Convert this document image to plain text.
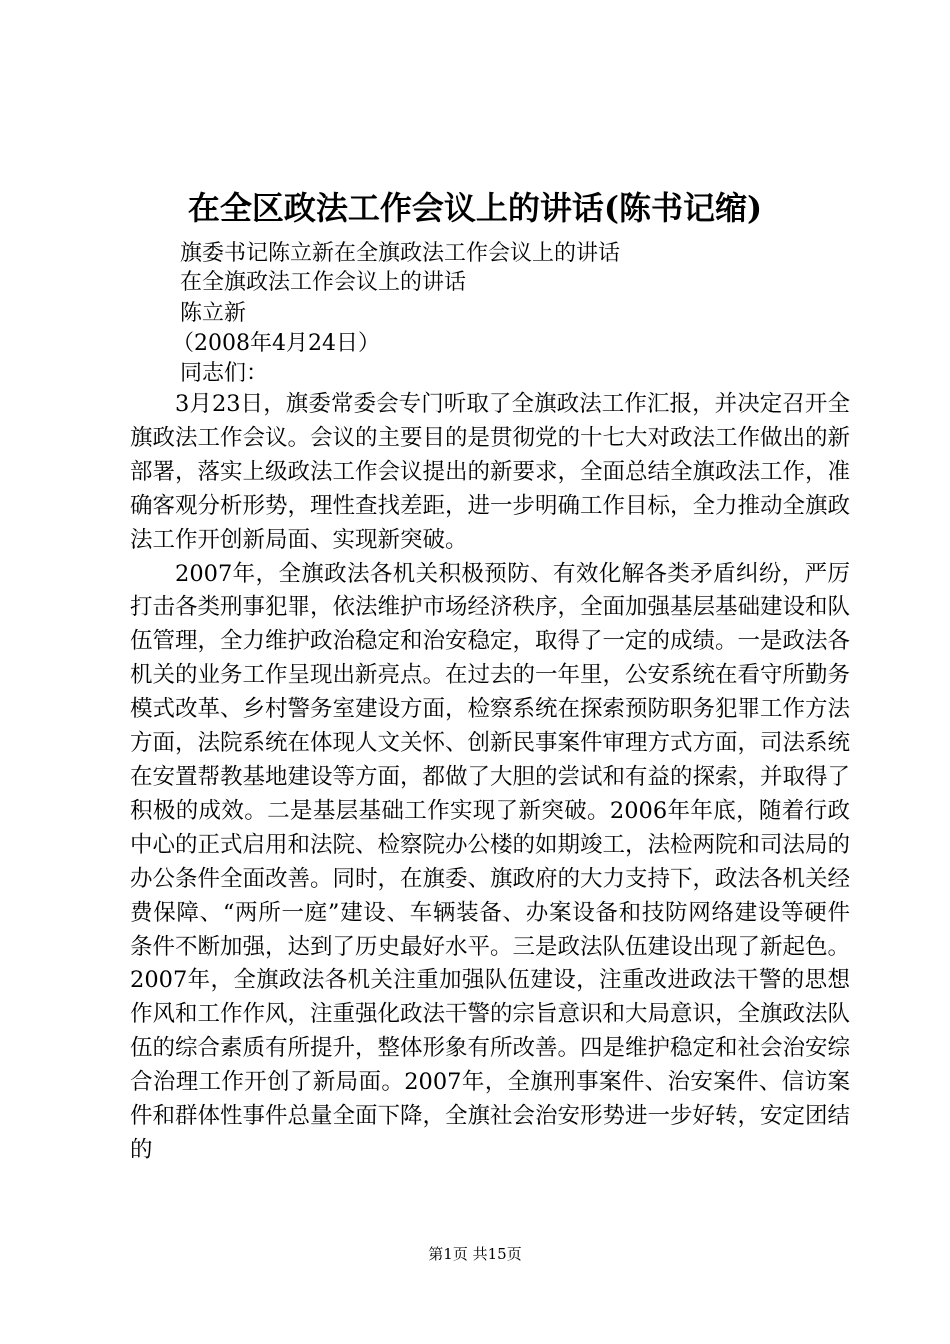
在全区政法工作会议上的讲话(陈书记缩)
旗委书记陈立新在全旗政法工作会议上的讲话
在全旗政法工作会议上的讲话
陈立新
（2008年4月24日）
同志们：

3月23日，旗委常委会专门听取了全旗政法工作汇报，并决定召开全旗政法工作会议。会议的主要目的是贯彻党的十七大对政法工作做出的新部署，落实上级政法工作会议提出的新要求，全面总结全旗政法工作，准确客观分析形势，理性查找差距，进一步明确工作目标，全力推动全旗政法工作开创新局面、实现新突破。

2007年，全旗政法各机关积极预防、有效化解各类矛盾纠纷，严厉打击各类刑事犯罪，依法维护市场经济秩序，全面加强基层基础建设和队伍管理，全力维护政治稳定和治安稳定，取得了一定的成绩。一是政法各机关的业务工作呈现出新亮点。在过去的一年里，公安系统在看守所勤务模式改革、乡村警务室建设方面，检察系统在探索预防职务犯罪工作方法方面，法院系统在体现人文关怀、创新民事案件审理方式方面，司法系统在安置帮教基地建设等方面，都做了大胆的尝试和有益的探索，并取得了积极的成效。二是基层基础工作实现了新突破。2006年年底，随着行政中心的正式启用和法院、检察院办公楼的如期竣工，法检两院和司法局的办公条件全面改善。同时，在旗委、旗政府的大力支持下，政法各机关经费保障、“两所一庭”建设、车辆装备、办案设备和技防网络建设等硬件条件不断加强，达到了历史最好水平。三是政法队伍建设出现了新起色。2007年，全旗政法各机关注重加强队伍建设，注重改进政法干警的思想作风和工作作风，注重强化政法干警的宗旨意识和大局意识，全旗政法队伍的综合素质有所提升，整体形象有所改善。四是维护稳定和社会治安综合治理工作开创了新局面。2007年，全旗刑事案件、治安案件、信访案件和群体性事件总量全面下降，全旗社会治安形势进一步好转，安定团结的

第1页 共15页
